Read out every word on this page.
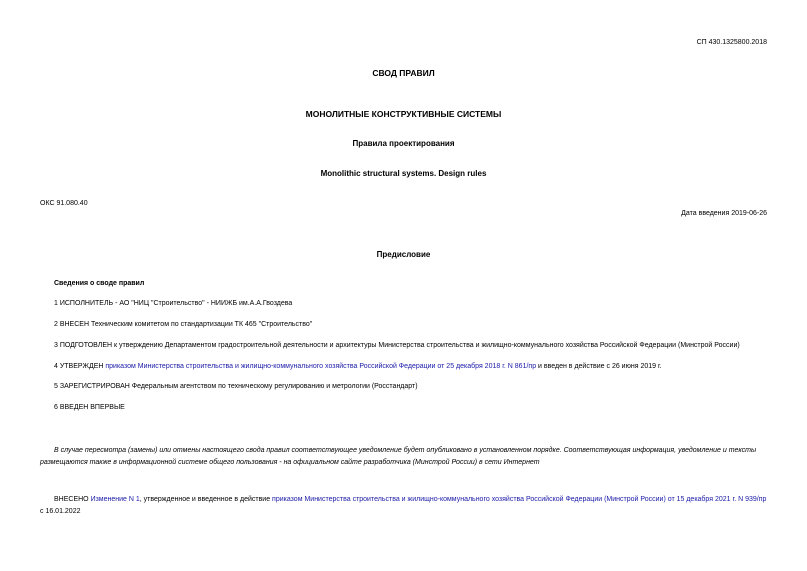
СП 430.1325800.2018
СВОД ПРАВИЛ
МОНОЛИТНЫЕ КОНСТРУКТИВНЫЕ СИСТЕМЫ
Правила проектирования
Monolithic structural systems. Design rules
ОКС 91.080.40
Дата введения 2019-06-26
Предисловие
Сведения о своде правил
1 ИСПОЛНИТЕЛЬ - АО "НИЦ "Строительство" - НИИЖБ им.А.А.Гвоздева
2 ВНЕСЕН Техническим комитетом по стандартизации ТК 465 "Строительство"
3 ПОДГОТОВЛЕН к утверждению Департаментом градостроительной деятельности и архитектуры Министерства строительства и жилищно-коммунального хозяйства Российской Федерации (Минстрой России)
4 УТВЕРЖДЕН приказом Министерства строительства и жилищно-коммунального хозяйства Российской Федерации от 25 декабря 2018 г. N 861/пр и введен в действие с 26 июня 2019 г.
5 ЗАРЕГИСТРИРОВАН Федеральным агентством по техническому регулированию и метрологии (Росстандарт)
6 ВВЕДЕН ВПЕРВЫЕ
В случае пересмотра (замены) или отмены настоящего свода правил соответствующее уведомление будет опубликовано в установленном порядке. Соответствующая информация, уведомление и тексты размещаются также в информационной системе общего пользования - на официальном сайте разработчика (Минстрой России) в сети Интернет
ВНЕСЕНО Изменение N 1, утвержденное и введенное в действие приказом Министерства строительства и жилищно-коммунального хозяйства Российской Федерации (Минстрой России) от 15 декабря 2021 г. N 939/пр с 16.01.2022
